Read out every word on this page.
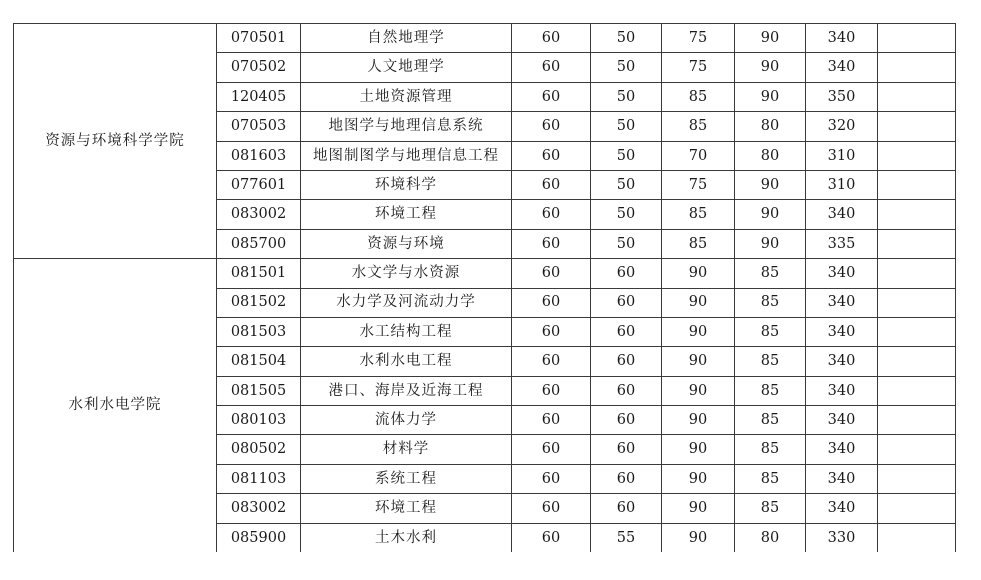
资源与环境科学学院	070501	自然地理学	60	50	75	90	340	
	070502	人文地理学	60	50	75	90	340	
	120405	土地资源管理	60	50	85	90	350	
	070503	地图学与地理信息系统	60	50	85	80	320	
	081603	地图制图学与地理信息工程	60	50	70	80	310	
	077601	环境科学	60	50	75	90	310	
	083002	环境工程	60	50	85	90	340	
	085700	资源与环境	60	50	85	90	335	
水利水电学院	081501	水文学与水资源	60	60	90	85	340	
	081502	水力学及河流动力学	60	60	90	85	340	
	081503	水工结构工程	60	60	90	85	340	
	081504	水利水电工程	60	60	90	85	340	
	081505	港口、海岸及近海工程	60	60	90	85	340	
	080103	流体力学	60	60	90	85	340	
	080502	材料学	60	60	90	85	340	
	081103	系统工程	60	60	90	85	340	
	083002	环境工程	60	60	90	85	340	
	085900	土木水利	60	55	90	80	330	
